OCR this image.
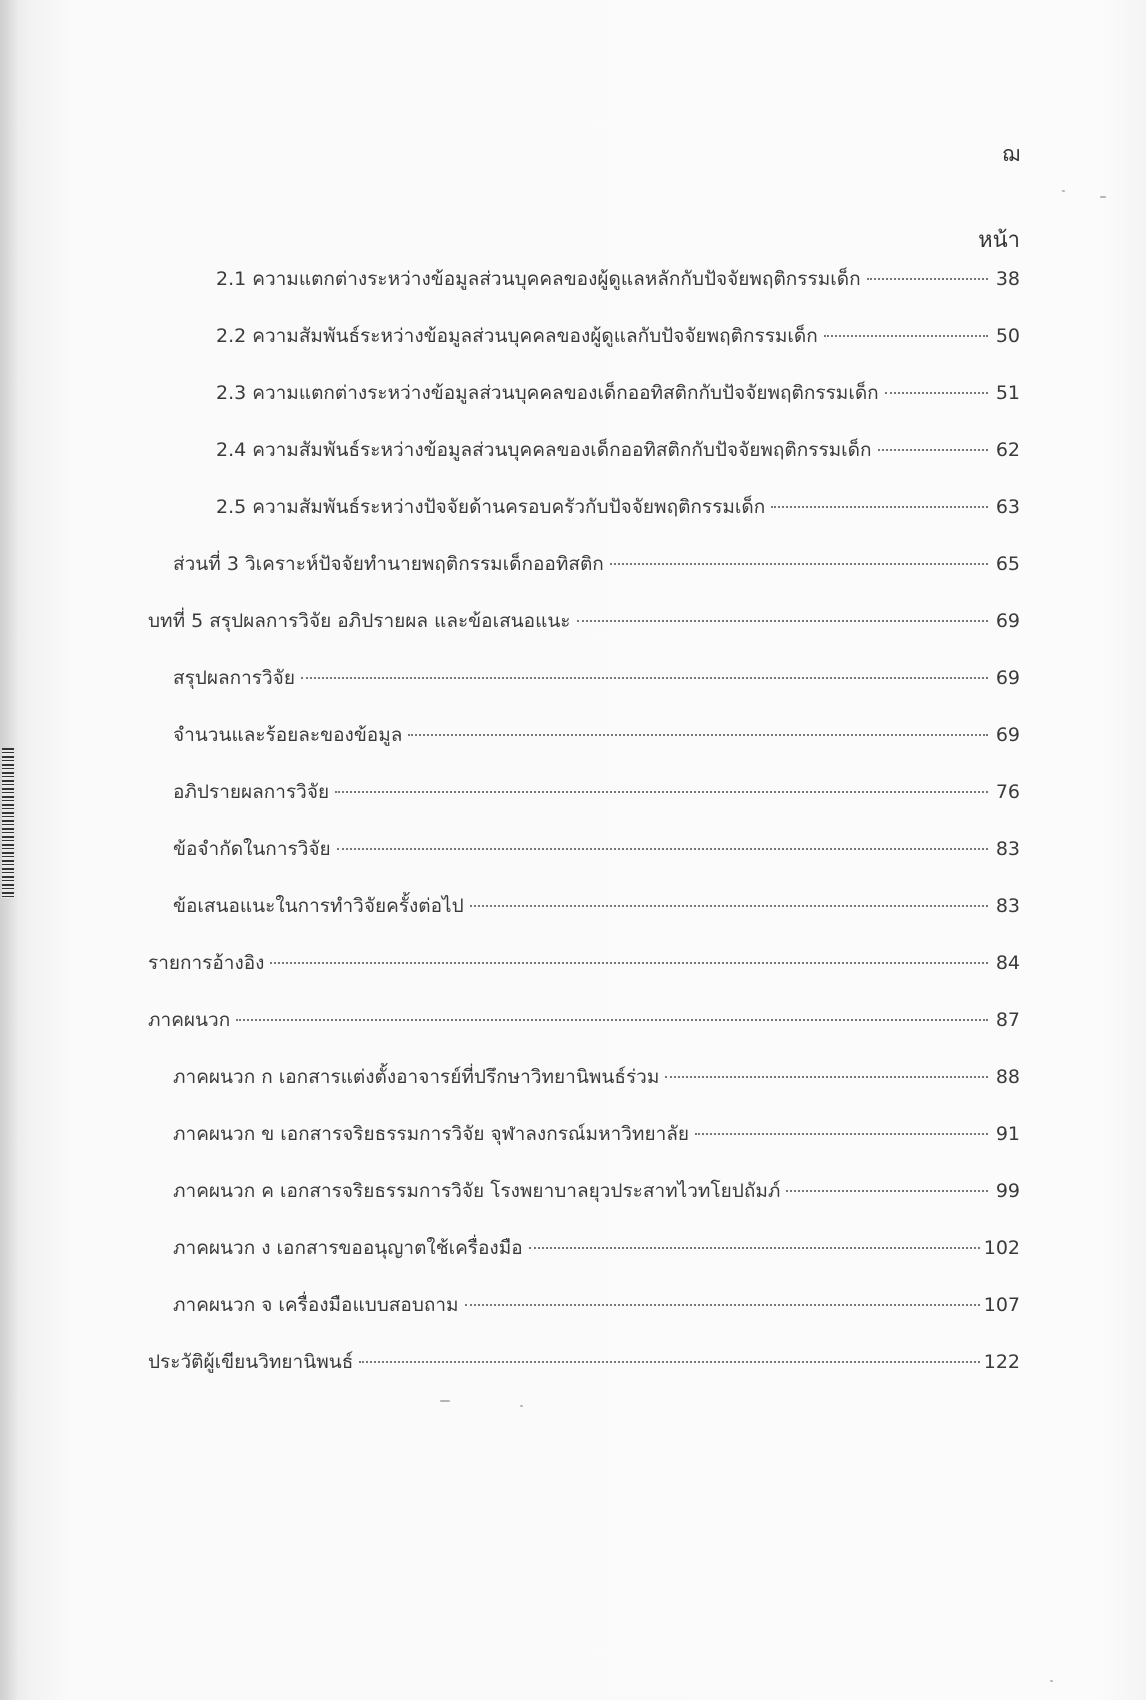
ฌ
หน้า
2.1 ความแตกต่างระหว่างข้อมูลส่วนบุคคลของผู้ดูแลหลักกับปัจจัยพฤติกรรมเด็ก	38
2.2 ความสัมพันธ์ระหว่างข้อมูลส่วนบุคคลของผู้ดูแลกับปัจจัยพฤติกรรมเด็ก	50
2.3 ความแตกต่างระหว่างข้อมูลส่วนบุคคลของเด็กออทิสติกกับปัจจัยพฤติกรรมเด็ก	51
2.4 ความสัมพันธ์ระหว่างข้อมูลส่วนบุคคลของเด็กออทิสติกกับปัจจัยพฤติกรรมเด็ก	62
2.5 ความสัมพันธ์ระหว่างปัจจัยด้านครอบครัวกับปัจจัยพฤติกรรมเด็ก	63
ส่วนที่ 3 วิเคราะห์ปัจจัยทำนายพฤติกรรมเด็กออทิสติก	65
บทที่ 5 สรุปผลการวิจัย อภิปรายผล และข้อเสนอแนะ	69
สรุปผลการวิจัย	69
จำนวนและร้อยละของข้อมูล	69
อภิปรายผลการวิจัย	76
ข้อจำกัดในการวิจัย	83
ข้อเสนอแนะในการทำวิจัยครั้งต่อไป	83
รายการอ้างอิง	84
ภาคผนวก	87
ภาคผนวก ก เอกสารแต่งตั้งอาจารย์ที่ปรึกษาวิทยานิพนธ์ร่วม	88
ภาคผนวก ข เอกสารจริยธรรมการวิจัย จุฬาลงกรณ์มหาวิทยาลัย	91
ภาคผนวก ค เอกสารจริยธรรมการวิจัย โรงพยาบาลยุวประสาทไวทโยปถัมภ์	99
ภาคผนวก ง เอกสารขออนุญาตใช้เครื่องมือ	102
ภาคผนวก จ เครื่องมือแบบสอบถาม	107
ประวัติผู้เขียนวิทยานิพนธ์	122
